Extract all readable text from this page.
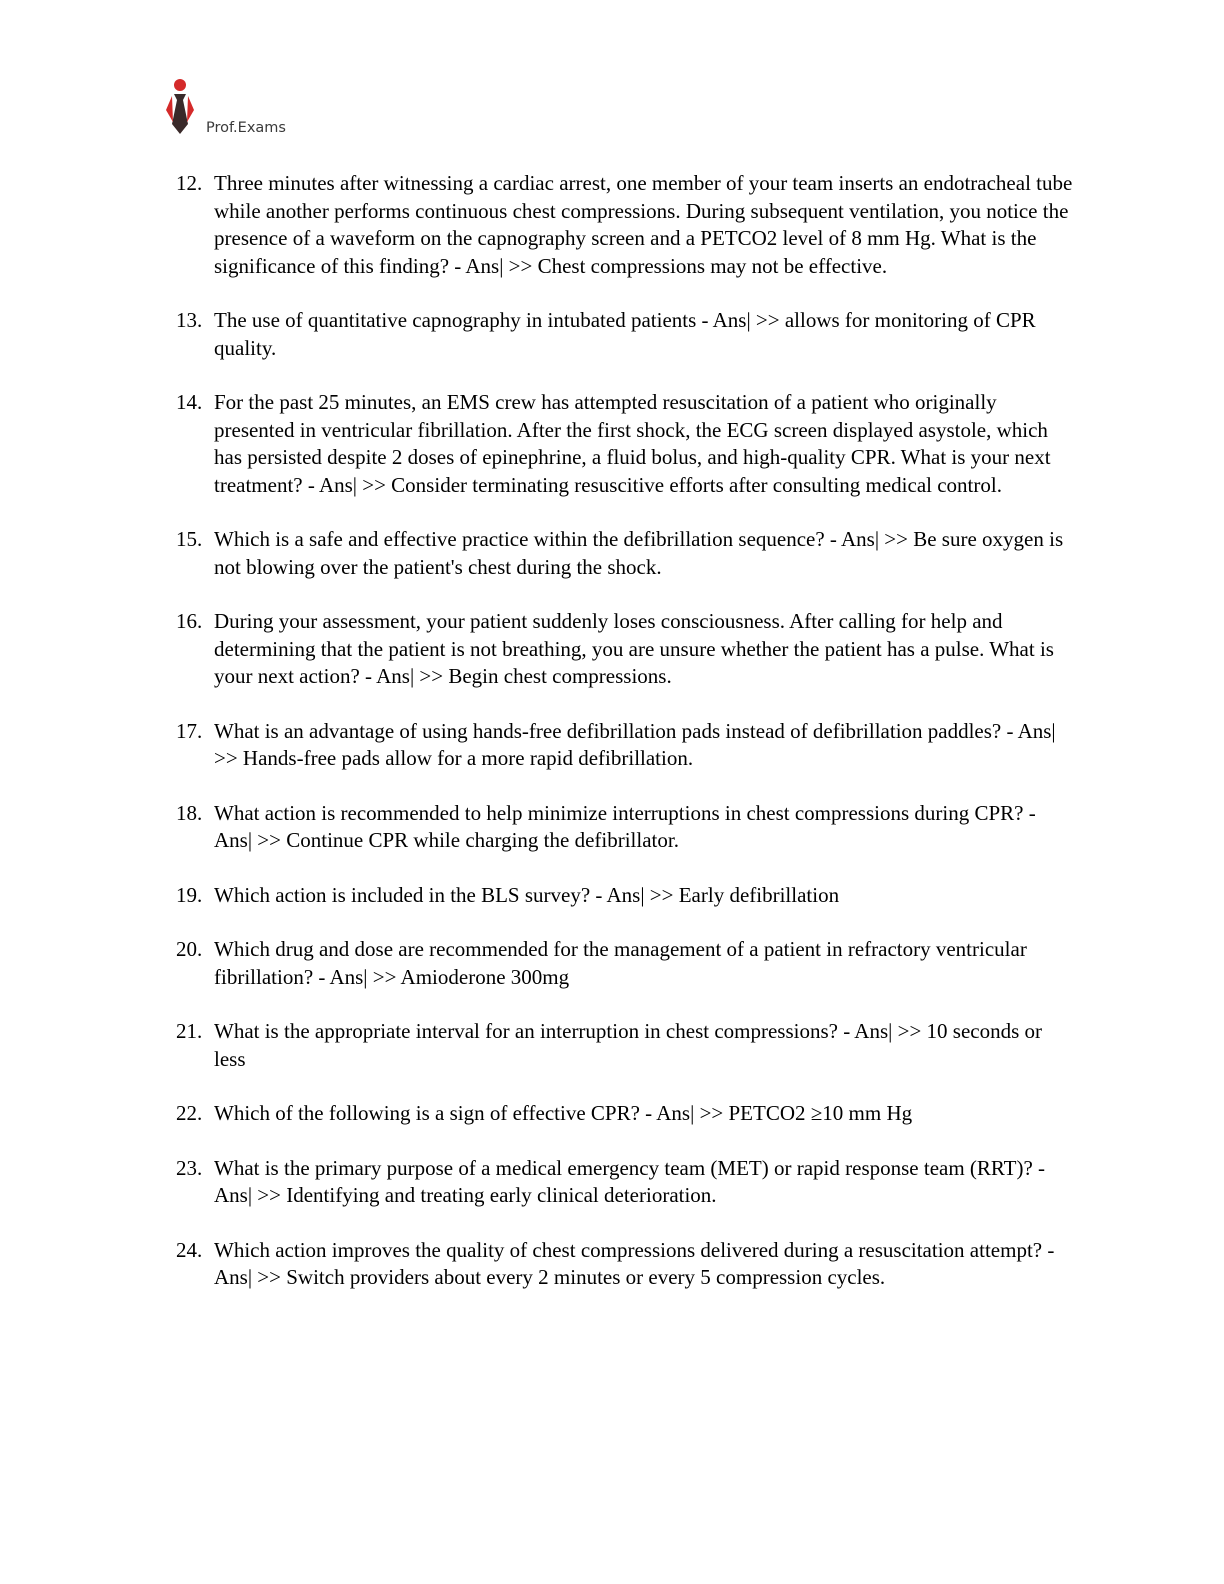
Prof.Exams
12. Three minutes after witnessing a cardiac arrest, one member of your team inserts an endotracheal tube while another performs continuous chest compressions. During subsequent ventilation, you notice the presence of a waveform on the capnography screen and a PETCO2 level of 8 mm Hg. What is the significance of this finding? - Ans| >> Chest compressions may not be effective.
13. The use of quantitative capnography in intubated patients - Ans| >> allows for monitoring of CPR quality.
14. For the past 25 minutes, an EMS crew has attempted resuscitation of a patient who originally presented in ventricular fibrillation. After the first shock, the ECG screen displayed asystole, which has persisted despite 2 doses of epinephrine, a fluid bolus, and high-quality CPR. What is your next treatment? - Ans| >> Consider terminating resuscitive efforts after consulting medical control.
15. Which is a safe and effective practice within the defibrillation sequence? - Ans| >> Be sure oxygen is not blowing over the patient's chest during the shock.
16. During your assessment, your patient suddenly loses consciousness. After calling for help and determining that the patient is not breathing, you are unsure whether the patient has a pulse. What is your next action? - Ans| >> Begin chest compressions.
17. What is an advantage of using hands-free defibrillation pads instead of defibrillation paddles? - Ans| >> Hands-free pads allow for a more rapid defibrillation.
18. What action is recommended to help minimize interruptions in chest compressions during CPR? - Ans| >> Continue CPR while charging the defibrillator.
19. Which action is included in the BLS survey? - Ans| >> Early defibrillation
20. Which drug and dose are recommended for the management of a patient in refractory ventricular fibrillation? - Ans| >> Amioderone 300mg
21. What is the appropriate interval for an interruption in chest compressions? - Ans| >> 10 seconds or less
22. Which of the following is a sign of effective CPR? - Ans| >> PETCO2 ≥10 mm Hg
23. What is the primary purpose of a medical emergency team (MET) or rapid response team (RRT)? - Ans| >> Identifying and treating early clinical deterioration.
24. Which action improves the quality of chest compressions delivered during a resuscitation attempt? - Ans| >> Switch providers about every 2 minutes or every 5 compression cycles.
